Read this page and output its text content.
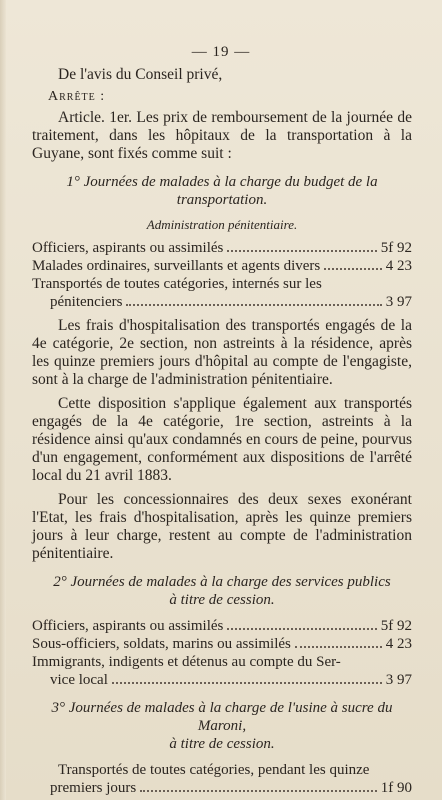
— 19 —

De l'avis du Conseil privé,

Arrête :

Article. 1er. Les prix de remboursement de la journée de traitement, dans les hôpitaux de la transportation à la Guyane, sont fixés comme suit :

1° Journées de malades à la charge du budget de la
transportation.
Administration pénitentiaire.
Officiers, aspirants ou assimilés	5f 92
Malades ordinaires, surveillants et agents divers	4 23
Transportés de toutes catégories, internés sur les
pénitenciers	3 97

Les frais d'hospitalisation des transportés engagés de la 4e catégorie, 2e section, non astreints à la résidence, après les quinze premiers jours d'hôpital au compte de l'engagiste, sont à la charge de l'administration pénitentiaire.

Cette disposition s'applique également aux transportés engagés de la 4e catégorie, 1re section, astreints à la résidence ainsi qu'aux condamnés en cours de peine, pourvus d'un engagement, conformément aux dispositions de l'arrêté local du 21 avril 1883.

Pour les concessionnaires des deux sexes exonérant l'Etat, les frais d'hospitalisation, après les quinze premiers jours à leur charge, restent au compte de l'administration pénitentiaire.

2° Journées de malades à la charge des services publics
à titre de cession.
Officiers, aspirants ou assimilés	5f 92
Sous-officiers, soldats, marins ou assimilés	4 23
Immigrants, indigents et détenus au compte du Ser-
vice local	3 97
3° Journées de malades à la charge de l'usine à sucre du Maroni,
à titre de cession.
Transportés de toutes catégories, pendant les quinze
premiers jours	1f 90
